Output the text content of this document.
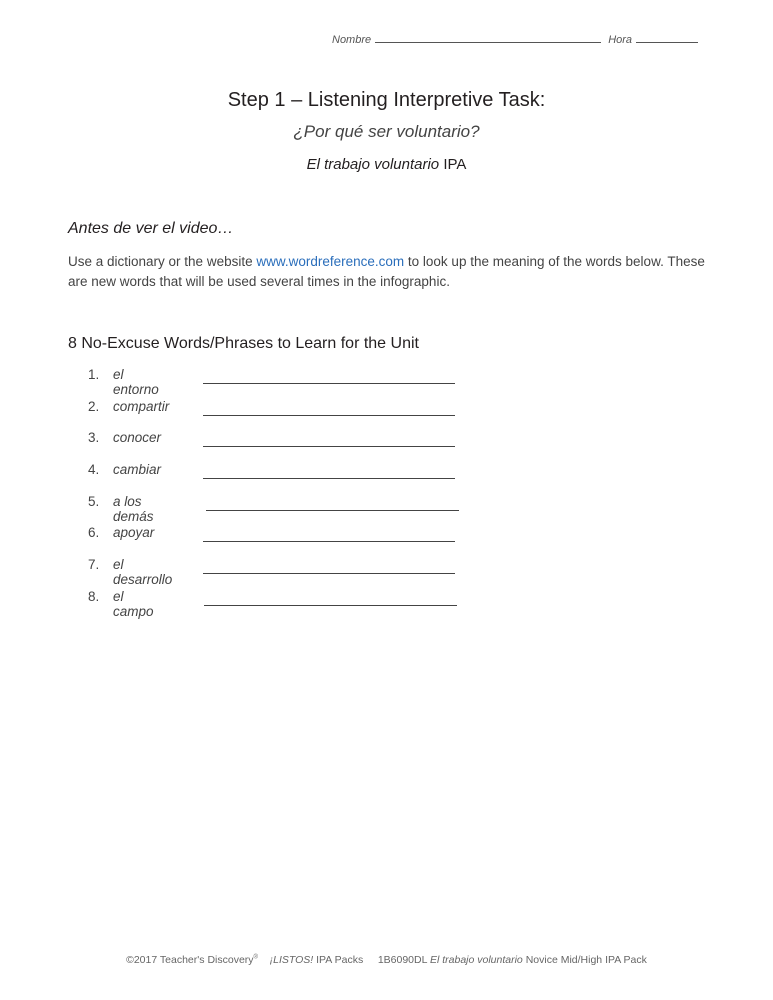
Nombre	Hora
Step 1 – Listening Interpretive Task:
¿Por qué ser voluntario?
El trabajo voluntario IPA
Antes de ver el video…
Use a dictionary or the website www.wordreference.com to look up the meaning of the words below. These are new words that will be used several times in the infographic.
8 No-Excuse Words/Phrases to Learn for the Unit
1.	el entorno
2.	compartir
3.	conocer
4.	cambiar
5.	a los demás
6.	apoyar
7.	el desarrollo
8.	el campo
©2017 Teacher's Discovery® ¡LISTOS! IPA Packs 1B6090DL El trabajo voluntario Novice Mid/High IPA Pack
